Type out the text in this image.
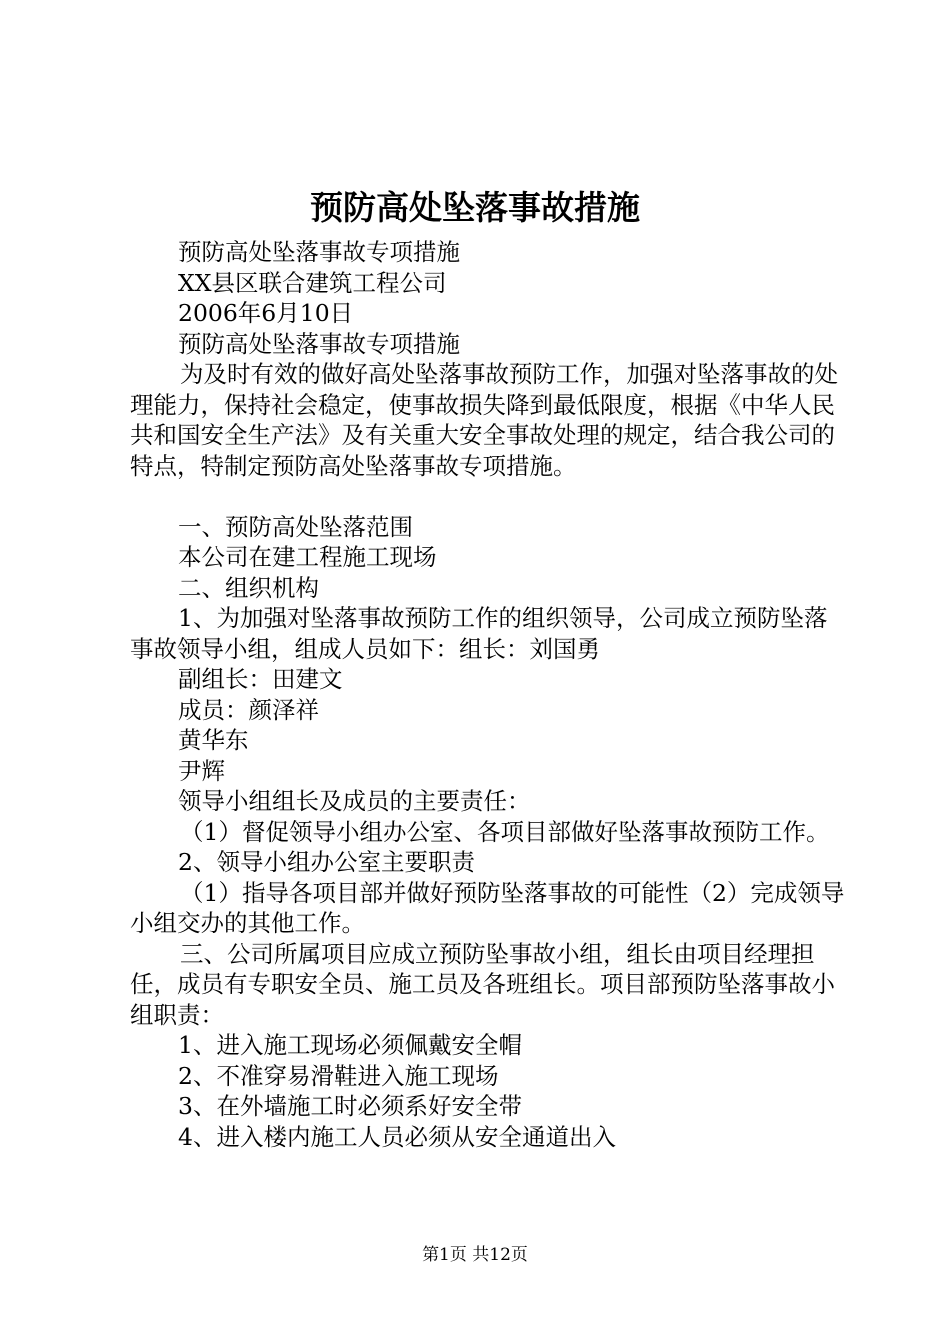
预防高处坠落事故措施
预防高处坠落事故专项措施
XX县区联合建筑工程公司
2006年6月10日
预防高处坠落事故专项措施
为及时有效的做好高处坠落事故预防工作，加强对坠落事故的处理能力，保持社会稳定，使事故损失降到最低限度，根据《中华人民共和国安全生产法》及有关重大安全事故处理的规定，结合我公司的特点，特制定预防高处坠落事故专项措施。
一、预防高处坠落范围
本公司在建工程施工现场
二、组织机构
1、为加强对坠落事故预防工作的组织领导，公司成立预防坠落事故领导小组，组成人员如下：组长：刘国勇
副组长：田建文
成员：颜泽祥
黄华东
尹辉
领导小组组长及成员的主要责任：
（1）督促领导小组办公室、各项目部做好坠落事故预防工作。
2、领导小组办公室主要职责
（1）指导各项目部并做好预防坠落事故的可能性（2）完成领导小组交办的其他工作。
三、公司所属项目应成立预防坠事故小组，组长由项目经理担任，成员有专职安全员、施工员及各班组长。项目部预防坠落事故小组职责：
1、进入施工现场必须佩戴安全帽
2、不准穿易滑鞋进入施工现场
3、在外墙施工时必须系好安全带
4、进入楼内施工人员必须从安全通道出入
第1页 共12页
